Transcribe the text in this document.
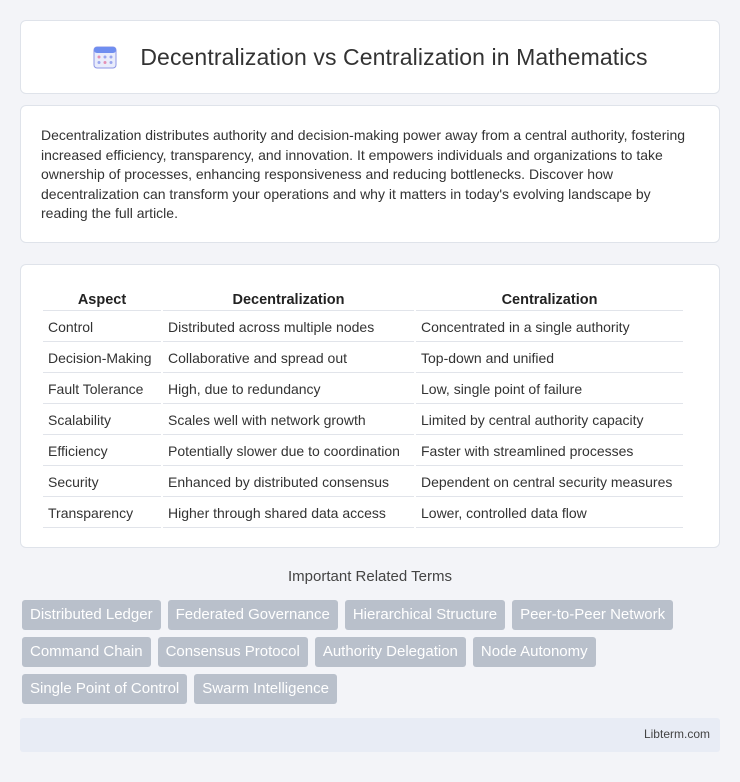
Decentralization vs Centralization in Mathematics

Decentralization distributes authority and decision-making power away from a central authority, fostering increased efficiency, transparency, and innovation. It empowers individuals and organizations to take ownership of processes, enhancing responsiveness and reducing bottlenecks. Discover how decentralization can transform your operations and why it matters in today's evolving landscape by reading the full article.

Aspect	Decentralization	Centralization
Control	Distributed across multiple nodes	Concentrated in a single authority
Decision-Making	Collaborative and spread out	Top-down and unified
Fault Tolerance	High, due to redundancy	Low, single point of failure
Scalability	Scales well with network growth	Limited by central authority capacity
Efficiency	Potentially slower due to coordination	Faster with streamlined processes
Security	Enhanced by distributed consensus	Dependent on central security measures
Transparency	Higher through shared data access	Lower, controlled data flow
Important Related Terms
Distributed Ledger	Federated Governance	Hierarchical Structure	Peer-to-Peer Network
Command Chain	Consensus Protocol	Authority Delegation	Node Autonomy
Single Point of Control	Swarm Intelligence
Libterm.com
